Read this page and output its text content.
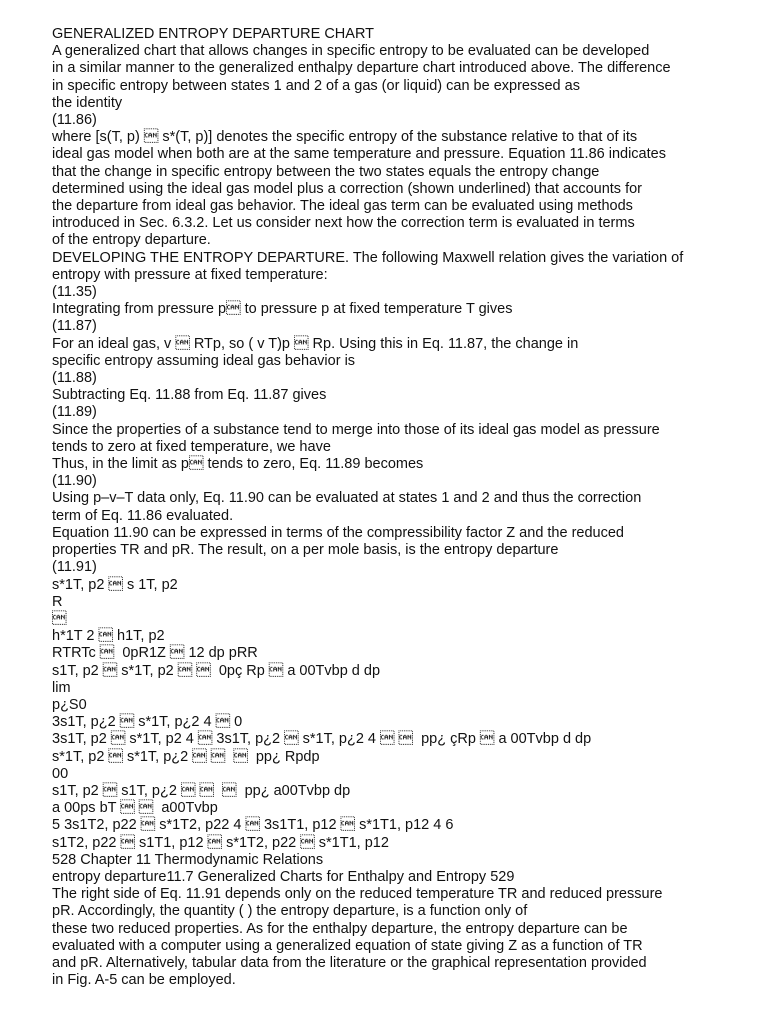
GENERALIZED ENTROPY DEPARTURE CHART

A generalized chart that allows changes in specific entropy to be evaluated can be developed

in a similar manner to the generalized enthalpy departure chart introduced above. The difference

in specific entropy between states 1 and 2 of a gas (or liquid) can be expressed as

the identity

(11.86)

where [s(T, p)  s*(T, p)] denotes the specific entropy of the substance relative to that of its

ideal gas model when both are at the same temperature and pressure. Equation 11.86 indicates

that the change in specific entropy between the two states equals the entropy change

determined using the ideal gas model plus a correction (shown underlined) that accounts for

the departure from ideal gas behavior. The ideal gas term can be evaluated using methods

introduced in Sec. 6.3.2. Let us consider next how the correction term is evaluated in terms

of the entropy departure.

DEVELOPING THE ENTROPY DEPARTURE. The following Maxwell relation gives the variation of

entropy with pressure at fixed temperature:

(11.35)

Integrating from pressure p to pressure p at fixed temperature T gives

(11.87)

For an ideal gas, v  RTp, so ( v T)p  Rp. Using this in Eq. 11.87, the change in

specific entropy assuming ideal gas behavior is

(11.88)

Subtracting Eq. 11.88 from Eq. 11.87 gives

(11.89)

Since the properties of a substance tend to merge into those of its ideal gas model as pressure

tends to zero at fixed temperature, we have

Thus, in the limit as p tends to zero, Eq. 11.89 becomes

(11.90)

Using p–v–T data only, Eq. 11.90 can be evaluated at states 1 and 2 and thus the correction

term of Eq. 11.86 evaluated.

Equation 11.90 can be expressed in terms of the compressibility factor Z and the reduced

properties TR and pR. The result, on a per mole basis, is the entropy departure

(11.91)

s*1T, p2  s 1T, p2

R



h*1T 2  h1T, p2

RTRTc   0pR1Z  12 dp pRR

s1T, p2  s*1T, p2    0pç Rp  a 00Tvbp d dp

lim

p¿S0

3s1T, p¿2  s*1T, p¿2 4  0

3s1T, p2  s*1T, p2 4  3s1T, p¿2  s*1T, p¿2 4    pp¿ çRp  a 00Tvbp d dp

s*1T, p2  s*1T, p¿2      pp¿ Rpdp

00

s1T, p2  s1T, p¿2      pp¿ a00Tvbp dp

a 00ps bT    a00Tvbp

5 3s1T2, p22  s*1T2, p22 4  3s1T1, p12  s*1T1, p12 4 6

s1T2, p22  s1T1, p12  s*1T2, p22  s*1T1, p12

528 Chapter 11 Thermodynamic Relations

entropy departure11.7 Generalized Charts for Enthalpy and Entropy 529

The right side of Eq. 11.91 depends only on the reduced temperature TR and reduced pressure

pR. Accordingly, the quantity ( ) the entropy departure, is a function only of

these two reduced properties. As for the enthalpy departure, the entropy departure can be

evaluated with a computer using a generalized equation of state giving Z as a function of TR

and pR. Alternatively, tabular data from the literature or the graphical representation provided

in Fig. A-5 can be employed.
